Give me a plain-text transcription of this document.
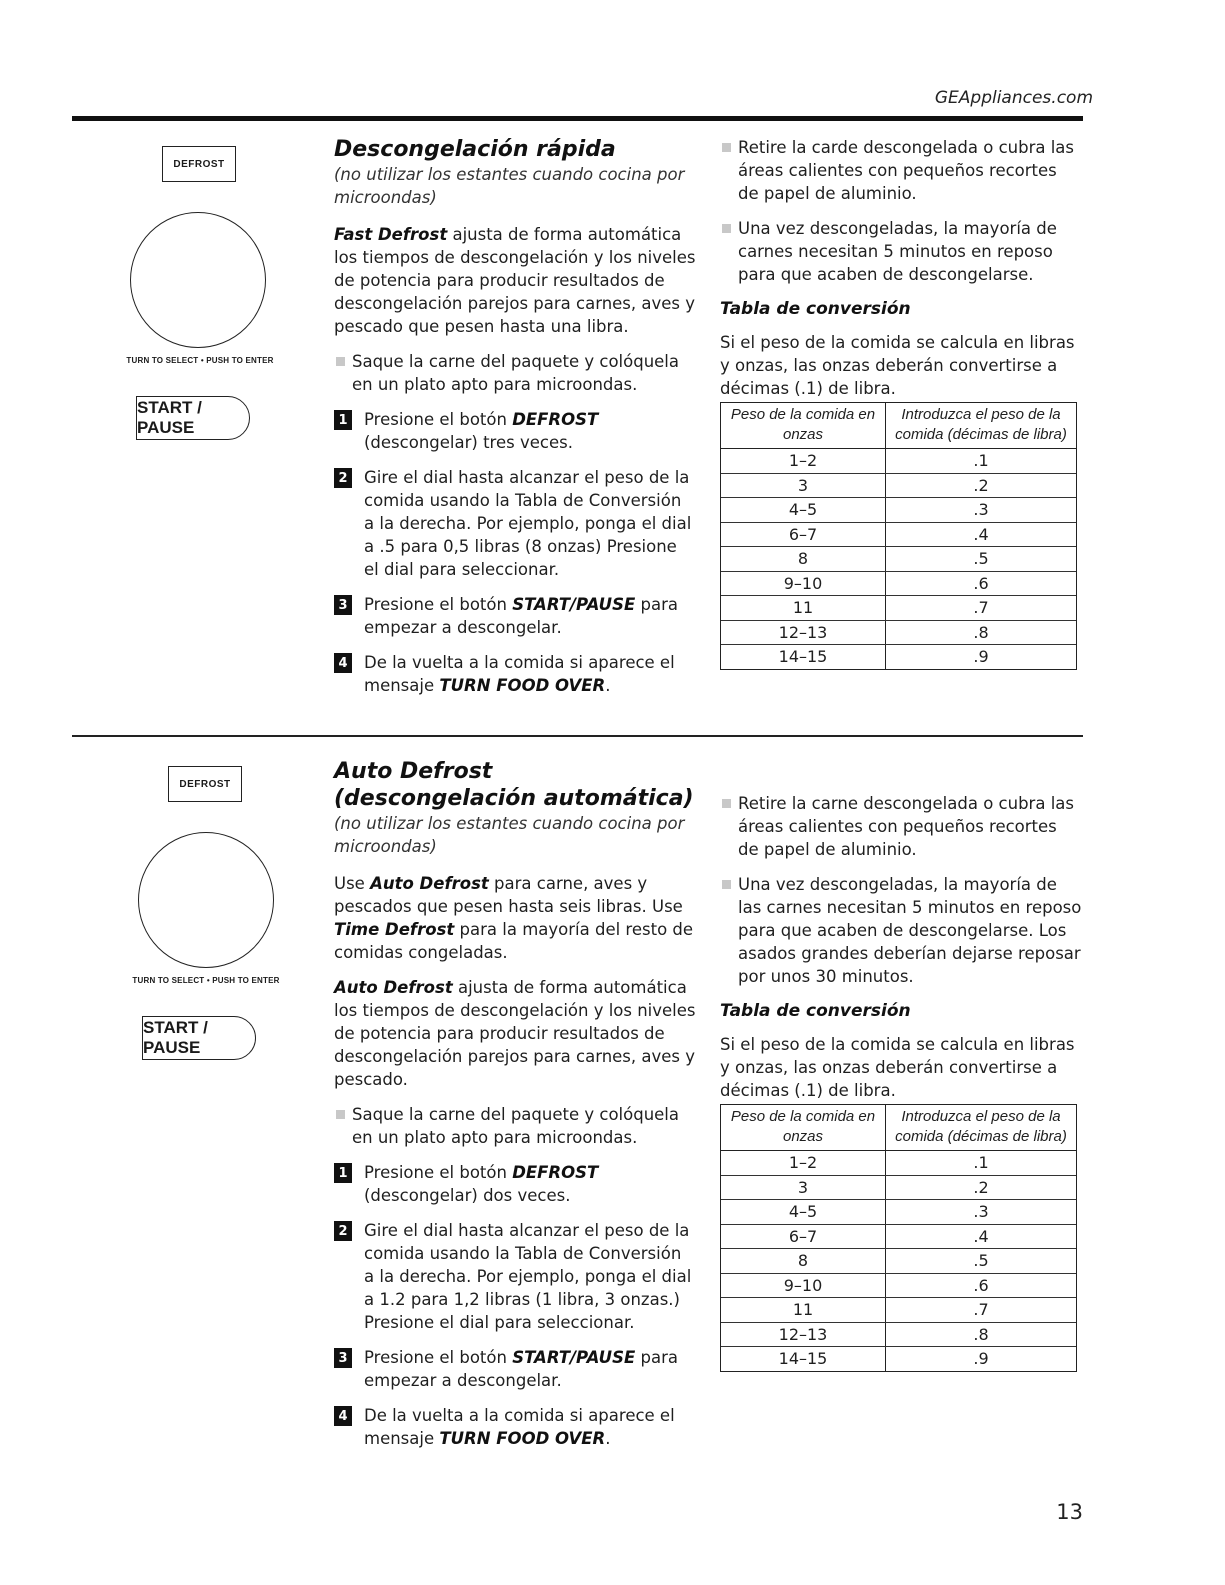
GEAppliances.com
DEFROST
TURN TO SELECT • PUSH TO ENTER
START / PAUSE
Descongelación rápida

(no utilizar los estantes cuando cocina por microondas)

Fast Defrost ajusta de forma automática los tiempos de descongelación y los niveles de potencia para producir resultados de descongelación parejos para carnes, aves y pescado que pesen hasta una libra.

Saque la carne del paquete y colóquela en un plato apto para microondas.
1 Presione el botón DEFROST (descongelar) tres veces.
2 Gire el dial hasta alcanzar el peso de la comida usando la Tabla de Conversión a la derecha. Por ejemplo, ponga el dial a .5 para 0,5 libras (8 onzas) Presione el dial para seleccionar.
3 Presione el botón START/PAUSE para empezar a descongelar.
4 De la vuelta a la comida si aparece el mensaje TURN FOOD OVER.
Retire la carde descongelada o cubra las áreas calientes con pequeños recortes de papel de aluminio.
Una vez descongeladas, la mayoría de carnes necesitan 5 minutos en reposo para que acaben de descongelarse.
Tabla de conversión

Si el peso de la comida se calcula en libras y onzas, las onzas deberán convertirse a décimas (.1) de libra.

Peso de la comida en onzas	Introduzca el peso de la comida (décimas de libra)
1–2	.1
3	.2
4–5	.3
6–7	.4
8	.5
9–10	.6
11	.7
12–13	.8
14–15	.9
DEFROST
TURN TO SELECT • PUSH TO ENTER
START / PAUSE

Auto Defrost (descongelación automática) (no utilizar los estantes cuando cocina por microondas)

Use Auto Defrost para carne, aves y pescados que pesen hasta seis libras. Use Time Defrost para la mayoría del resto de comidas congeladas.

Auto Defrost ajusta de forma automática los tiempos de descongelación y los niveles de potencia para producir resultados de descongelación parejos para carnes, aves y pescado.

Saque la carne del paquete y colóquela en un plato apto para microondas.
1 Presione el botón DEFROST (descongelar) dos veces.
2 Gire el dial hasta alcanzar el peso de la comida usando la Tabla de Conversión a la derecha. Por ejemplo, ponga el dial a 1.2 para 1,2 libras (1 libra, 3 onzas.) Presione el dial para seleccionar.
3 Presione el botón START/PAUSE para empezar a descongelar.
4 De la vuelta a la comida si aparece el mensaje TURN FOOD OVER.
Retire la carne descongelada o cubra las áreas calientes con pequeños recortes de papel de aluminio.
Una vez descongeladas, la mayoría de las carnes necesitan 5 minutos en reposo para que acaben de descongelarse. Los asados grandes deberían dejarse reposar por unos 30 minutos.
Tabla de conversión

Si el peso de la comida se calcula en libras y onzas, las onzas deberán convertirse a décimas (.1) de libra.

Peso de la comida en onzas	Introduzca el peso de la comida (décimas de libra)
1–2	.1
3	.2
4–5	.3
6–7	.4
8	.5
9–10	.6
11	.7
12–13	.8
14–15	.9
13
